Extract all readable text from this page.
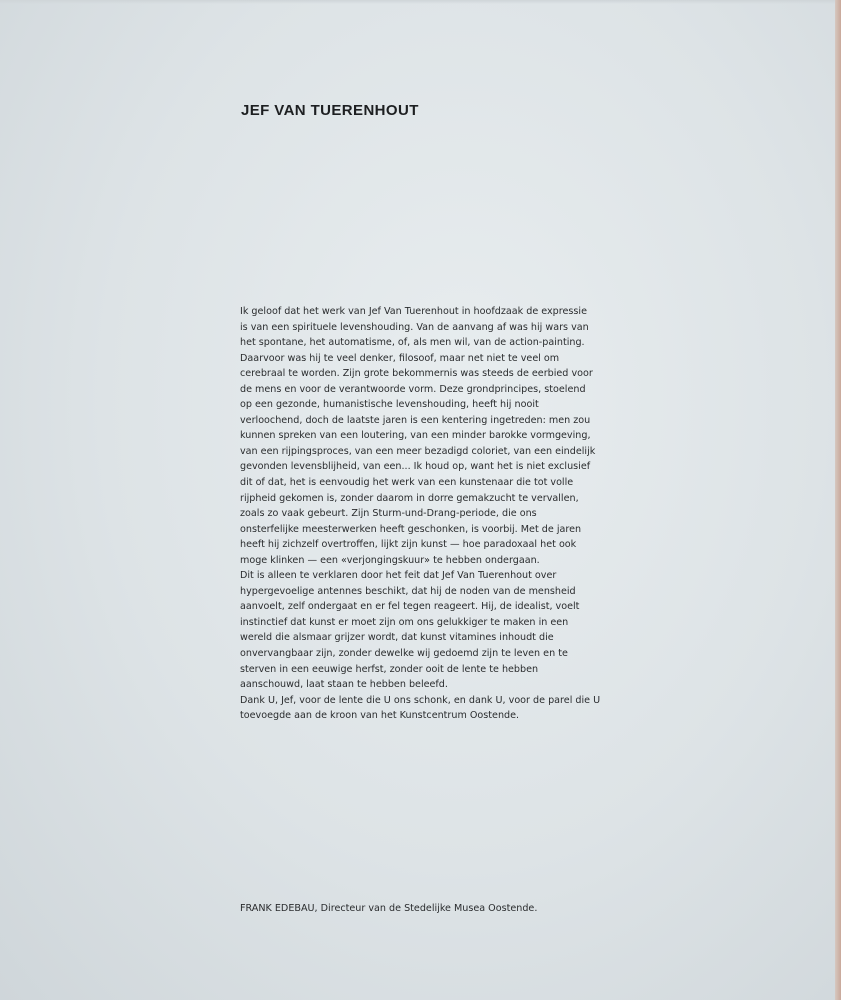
JEF VAN TUERENHOUT
Ik geloof dat het werk van Jef Van Tuerenhout in hoofdzaak de expressie
is van een spirituele levenshouding. Van de aanvang af was hij wars van
het spontane, het automatisme, of, als men wil, van de action-painting.
Daarvoor was hij te veel denker, filosoof, maar net niet te veel om
cerebraal te worden. Zijn grote bekommernis was steeds de eerbied voor
de mens en voor de verantwoorde vorm. Deze grondprincipes, stoelend
op een gezonde, humanistische levenshouding, heeft hij nooit
verloochend, doch de laatste jaren is een kentering ingetreden: men zou
kunnen spreken van een loutering, van een minder barokke vormgeving,
van een rijpingsproces, van een meer bezadigd coloriet, van een eindelijk
gevonden levensblijheid, van een... Ik houd op, want het is niet exclusief
dit of dat, het is eenvoudig het werk van een kunstenaar die tot volle
rijpheid gekomen is, zonder daarom in dorre gemakzucht te vervallen,
zoals zo vaak gebeurt. Zijn Sturm-und-Drang-periode, die ons
onsterfelijke meesterwerken heeft geschonken, is voorbij. Met de jaren
heeft hij zichzelf overtroffen, lijkt zijn kunst — hoe paradoxaal het ook
moge klinken — een «verjongingskuur» te hebben ondergaan.
Dit is alleen te verklaren door het feit dat Jef Van Tuerenhout over
hypergevoelige antennes beschikt, dat hij de noden van de mensheid
aanvoelt, zelf ondergaat en er fel tegen reageert. Hij, de idealist, voelt
instinctief dat kunst er moet zijn om ons gelukkiger te maken in een
wereld die alsmaar grijzer wordt, dat kunst vitamines inhoudt die
onvervangbaar zijn, zonder dewelke wij gedoemd zijn te leven en te
sterven in een eeuwige herfst, zonder ooit de lente te hebben
aanschouwd, laat staan te hebben beleefd.
Dank U, Jef, voor de lente die U ons schonk, en dank U, voor de parel die U
toevoegde aan de kroon van het Kunstcentrum Oostende.

FRANK EDEBAU, Directeur van de Stedelijke Musea Oostende.
